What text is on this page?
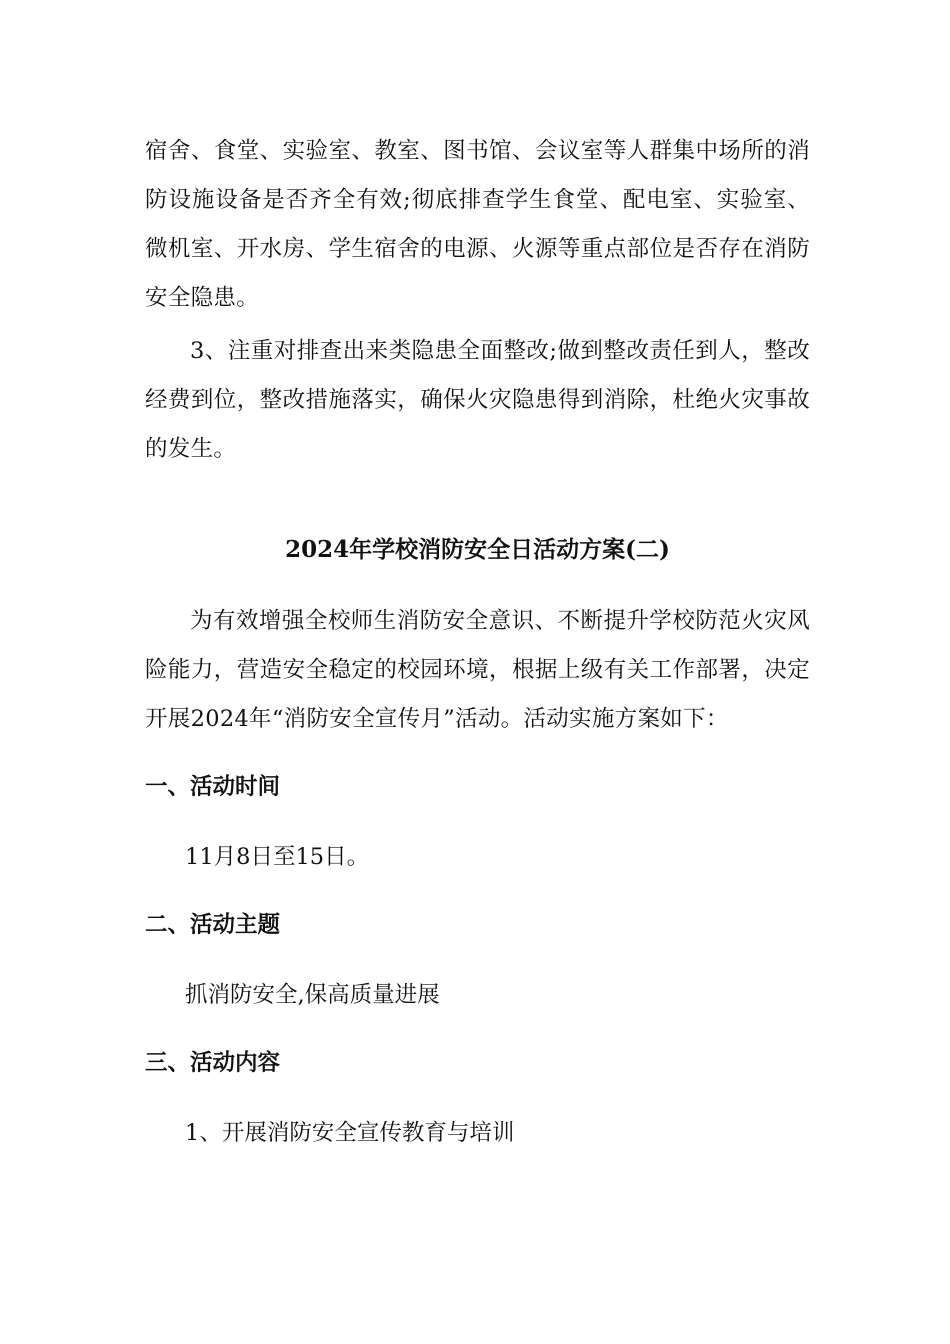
宿舍、食堂、实验室、教室、图书馆、会议室等人群集中场所的消防设施设备是否齐全有效;彻底排查学生食堂、配电室、实验室、微机室、开水房、学生宿舍的电源、火源等重点部位是否存在消防安全隐患。

3、注重对排查出来类隐患全面整改;做到整改责任到人，整改经费到位，整改措施落实，确保火灾隐患得到消除，杜绝火灾事故的发生。

2024年学校消防安全日活动方案(二)

为有效增强全校师生消防安全意识、不断提升学校防范火灾风险能力，营造安全稳定的校园环境，根据上级有关工作部署，决定开展2024年“消防安全宣传月”活动。活动实施方案如下：

一、活动时间

11月8日至15日。

二、活动主题

抓消防安全,保高质量进展

三、活动内容

1、开展消防安全宣传教育与培训
